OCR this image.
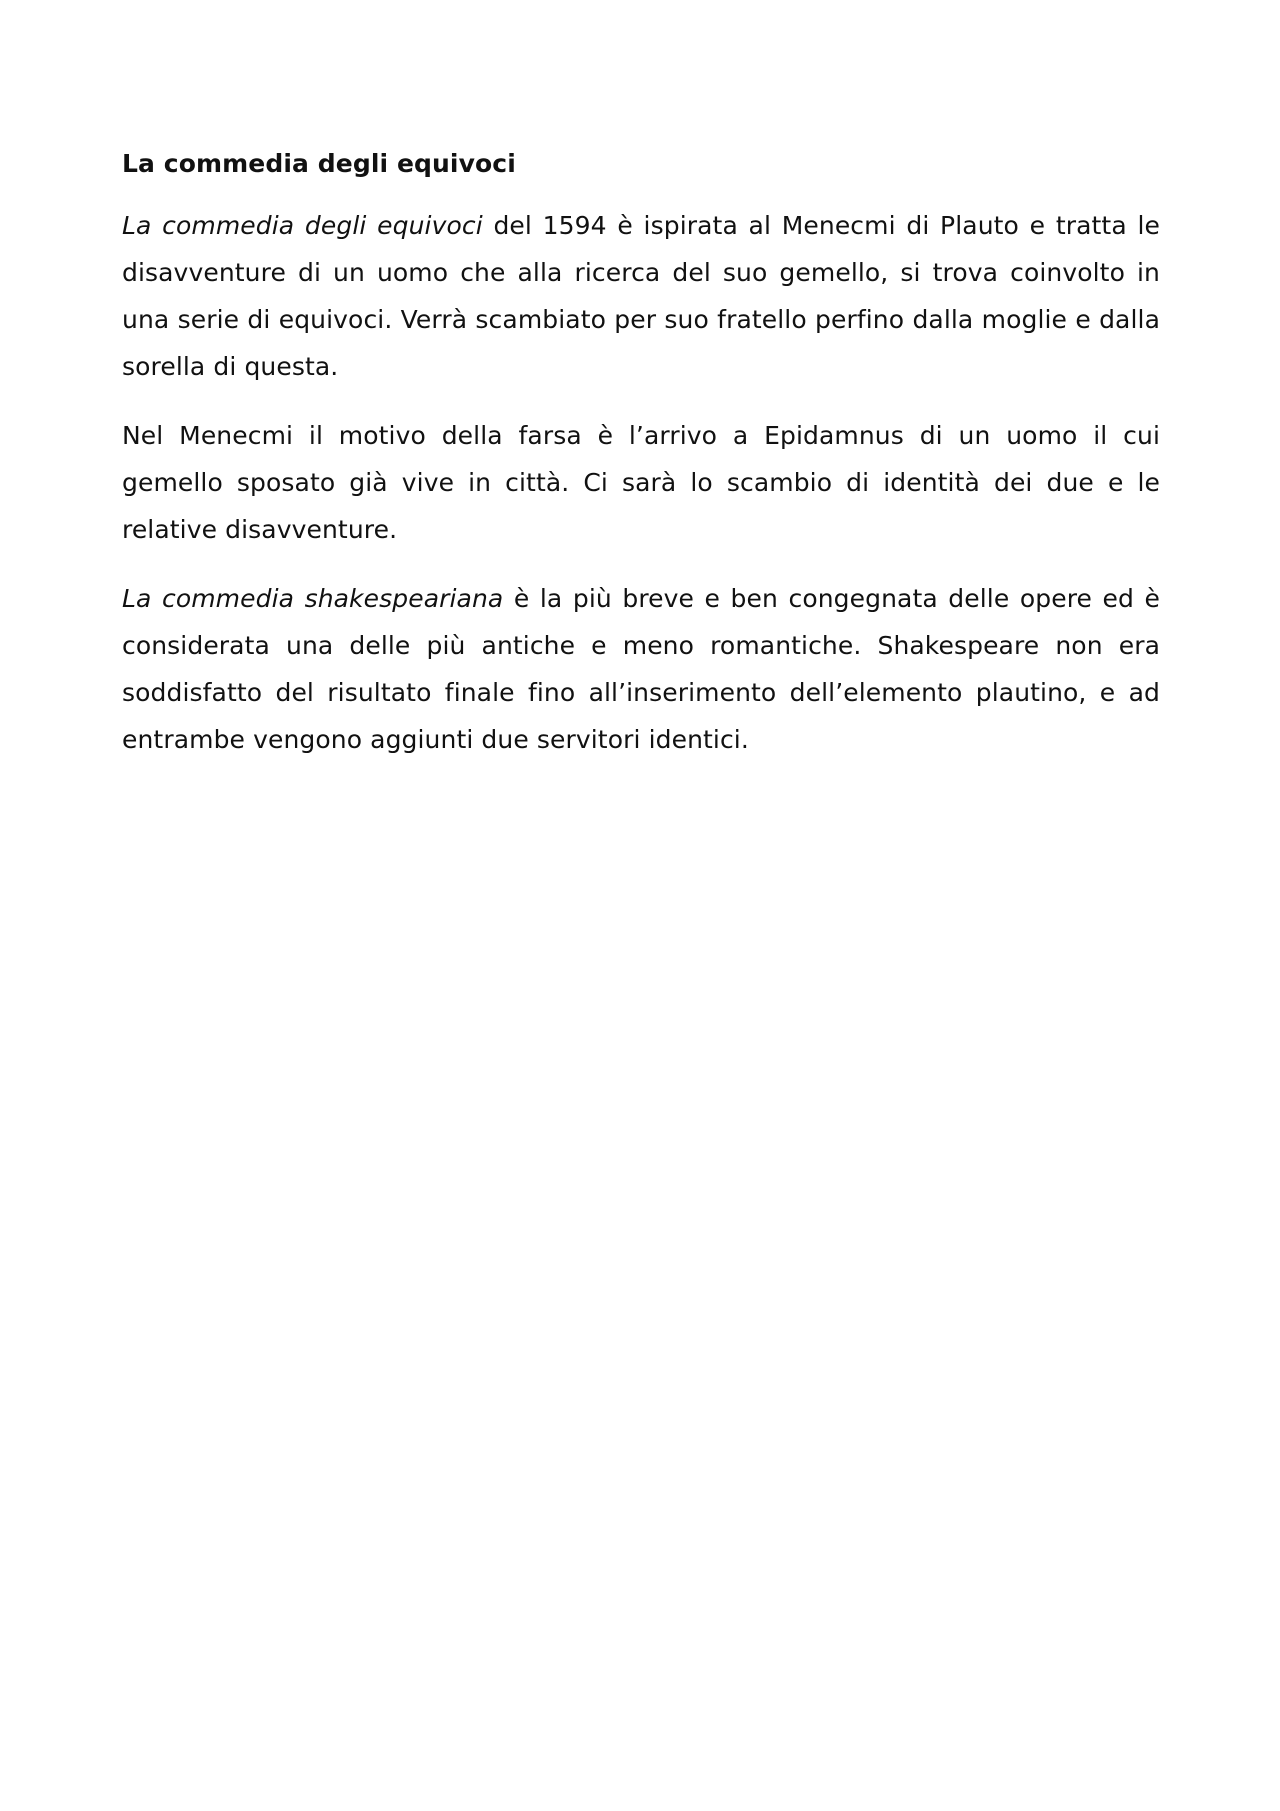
La commedia degli equivoci

La commedia degli equivoci del 1594 è ispirata al Menecmi di Plauto e tratta le disavventure di un uomo che alla ricerca del suo gemello, si trova coinvolto in una serie di equivoci. Verrà scambiato per suo fratello perfino dalla moglie e dalla sorella di questa.

Nel Menecmi il motivo della farsa è l’arrivo a Epidamnus di un uomo il cui gemello sposato già vive in città. Ci sarà lo scambio di identità dei due e le relative disavventure.

La commedia shakespeariana è la più breve e ben congegnata delle opere ed è considerata una delle più antiche e meno romantiche. Shakespeare non era soddisfatto del risultato finale fino all’inserimento dell’elemento plautino, e ad entrambe vengono aggiunti due servitori identici.
